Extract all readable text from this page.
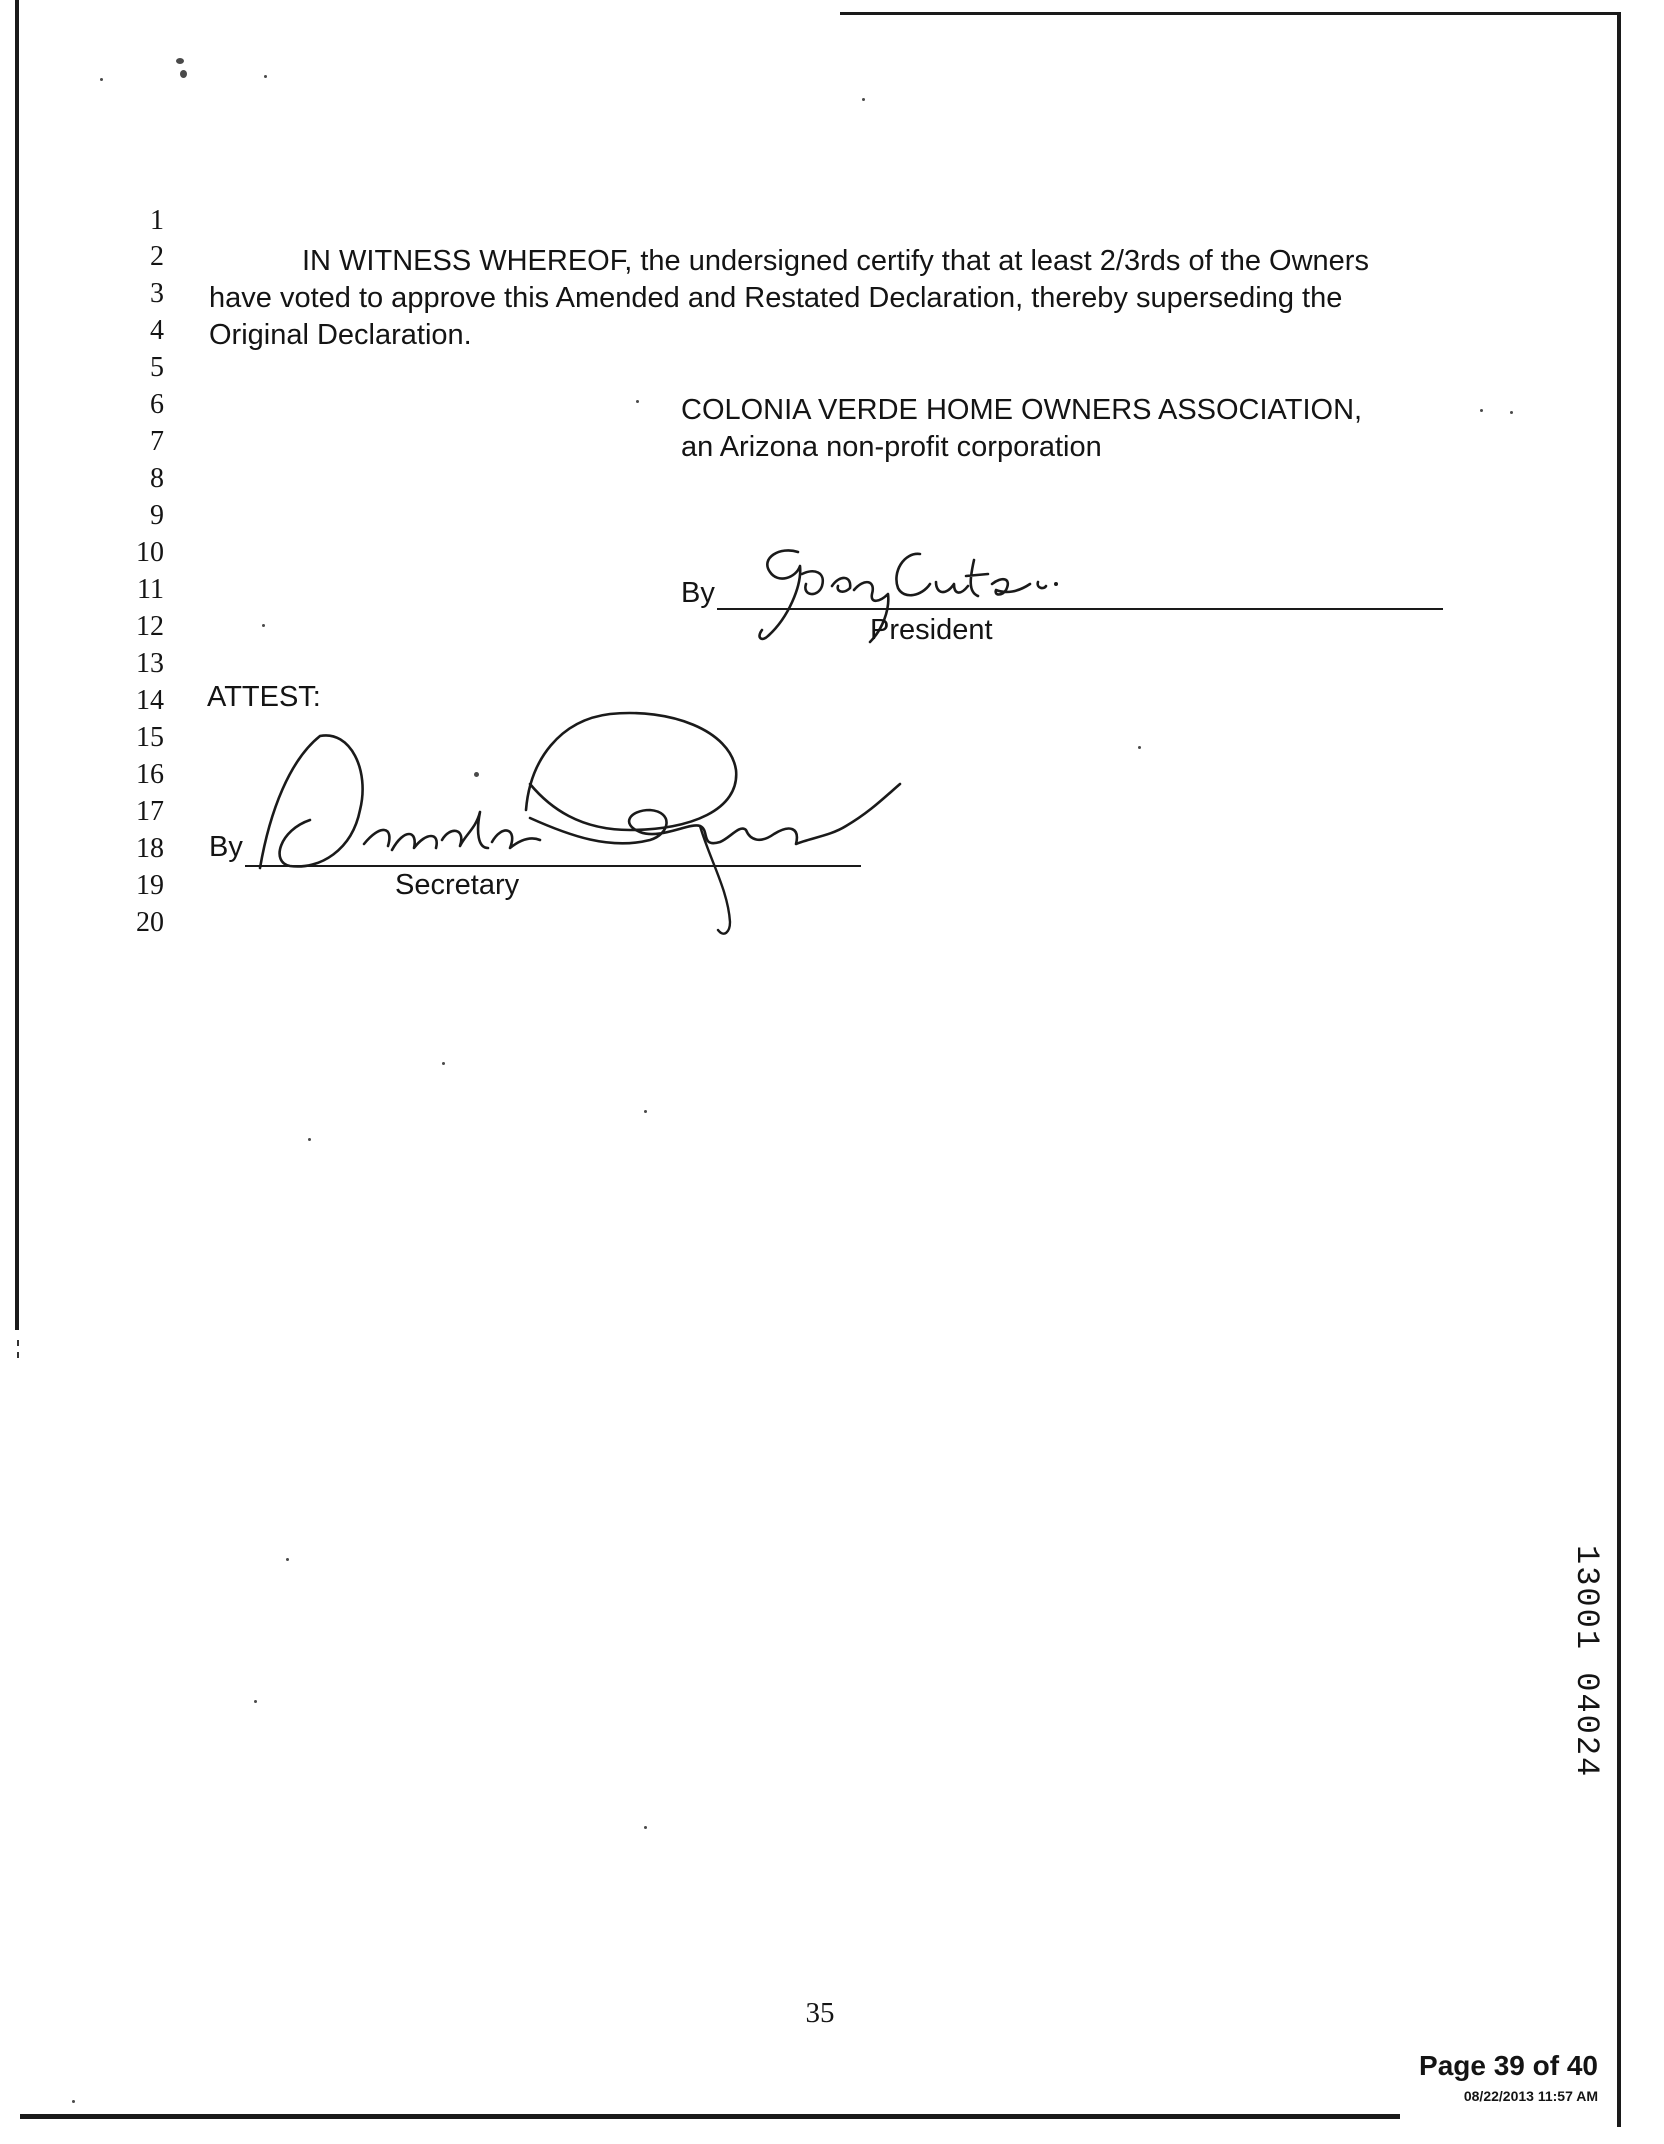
1
2
3
4
5
6
7
8
9
10
11
12
13
14
15
16
17
18
19
20
IN WITNESS WHEREOF, the undersigned certify that at least 2/3rds of the Owners
have voted to approve this Amended and Restated Declaration, thereby superseding the
Original Declaration.
COLONIA VERDE HOME OWNERS ASSOCIATION,
an Arizona non-profit corporation
By
President
ATTEST:
By
Secretary
35
13001 04024
Page 39 of 40
08/22/2013 11:57 AM
